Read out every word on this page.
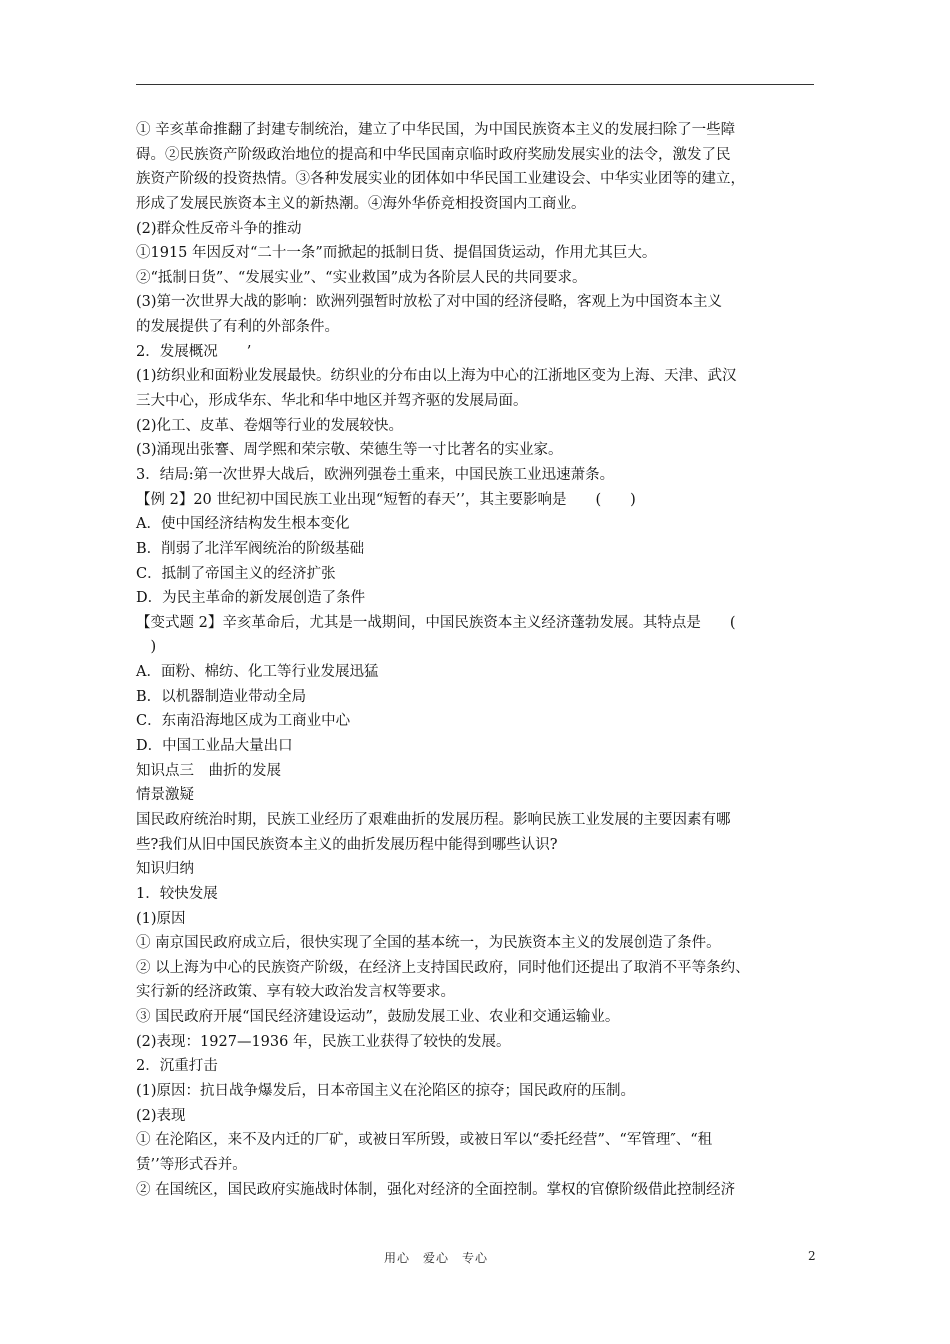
① 辛亥革命推翻了封建专制统治，建立了中华民国，为中国民族资本主义的发展扫除了一些障
碍。②民族资产阶级政治地位的提高和中华民国南京临时政府奖励发展实业的法令，激发了民
族资产阶级的投资热情。③各种发展实业的团体如中华民国工业建设会、中华实业团等的建立，
形成了发展民族资本主义的新热潮。④海外华侨竞相投资国内工商业。
(2)群众性反帝斗争的推动
①1915 年因反对“二十一条”而掀起的抵制日货、提倡国货运动，作用尤其巨大。
②“抵制日货”、“发展实业”、“实业救国”成为各阶层人民的共同要求。
(3)第一次世界大战的影响：欧洲列强暂时放松了对中国的经济侵略，客观上为中国资本主义
的发展提供了有利的外部条件。
2．发展概况　　’
(1)纺织业和面粉业发展最快。纺织业的分布由以上海为中心的江浙地区变为上海、天津、武汉
三大中心，形成华东、华北和华中地区并驾齐驱的发展局面。
(2)化工、皮革、卷烟等行业的发展较快。
(3)涌现出张謇、周学熙和荣宗敬、荣德生等一寸比著名的实业家。
3．结局:第一次世界大战后，欧洲列强卷土重来，中国民族工业迅速萧条。
【例 2】20 世纪初中国民族工业出现“短暂的春天’’，其主要影响是　　(　　)
A．使中国经济结构发生根本变化
B．削弱了北洋军阀统治的阶级基础
C．抵制了帝国主义的经济扩张
D．为民主革命的新发展创造了条件
【变式题 2】辛亥革命后，尤其是一战期间，中国民族资本主义经济蓬勃发展。其特点是　　(
　)
A．面粉、棉纺、化工等行业发展迅猛
B．以机器制造业带动全局
C．东南沿海地区成为工商业中心
D．中国工业品大量出口
知识点三　曲折的发展
情景激疑
国民政府统治时期，民族工业经历了艰难曲折的发展历程。影响民族工业发展的主要因素有哪
些?我们从旧中国民族资本主义的曲折发展历程中能得到哪些认识?
知识归纳
1．较快发展
(1)原因
① 南京国民政府成立后，很快实现了全国的基本统一，为民族资本主义的发展创造了条件。
② 以上海为中心的民族资产阶级，在经济上支持国民政府，同时他们还提出了取消不平等条约、
实行新的经济政策、享有较大政治发言权等要求。
③ 国民政府开展“国民经济建设运动”，鼓励发展工业、农业和交通运输业。
(2)表现：1927—1936 年，民族工业获得了较快的发展。
2．沉重打击
(1)原因：抗日战争爆发后，日本帝国主义在沦陷区的掠夺；国民政府的压制。
(2)表现
① 在沦陷区，来不及内迁的厂矿，或被日军所毁，或被日军以“委托经营”、“军管理″、“租
赁’’等形式吞并。
② 在国统区，国民政府实施战时体制，强化对经济的全面控制。掌权的官僚阶级借此控制经济
用心　爱心　专心	2
